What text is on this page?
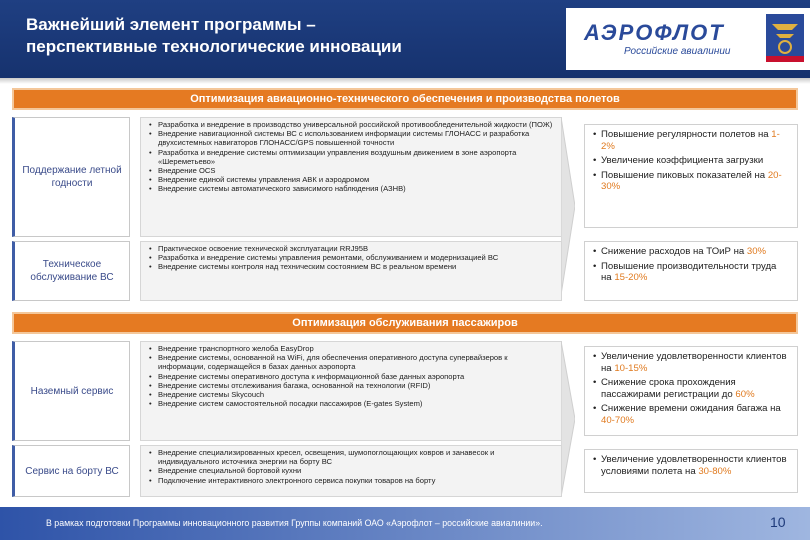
Важнейший элемент программы –
перспективные технологические инновации
АЭРОФЛОТ
Российские авиалинии
Оптимизация авиационно-технического обеспечения и производства полетов
Поддержание летной годности
• Разработка и внедрение в производство универсальной российской противообледенительной жидкости (ПОЖ)
• Внедрение навигационной системы ВС с использованием информации системы ГЛОНАСС и разработка двухсистемных навигаторов ГЛОНАСС/GPS повышенной точности
• Разработка и внедрение системы оптимизации управления воздушным движением в зоне аэропорта «Шереметьево»
• Внедрение OCS
• Внедрение единой системы управления АВК и аэродромом
• Внедрение системы автоматического зависимого наблюдения (АЗНВ)
• Повышение регулярности полетов на 1-2%
• Увеличение коэффициента загрузки
• Повышение пиковых показателей на 20-30%
Техническое обслуживание ВС
• Практическое освоение технической эксплуатации RRJ95B
• Разработка и внедрение системы управления ремонтами, обслуживанием и модернизацией ВС
• Внедрение системы контроля над техническим состоянием ВС в реальном времени
• Снижение расходов на ТОиР на 30%
• Повышение производительности труда на 15-20%
Оптимизация обслуживания пассажиров
Наземный сервис
• Внедрение транспортного желоба EasyDrop
• Внедрение системы, основанной на WiFi, для обеспечения оперативного доступа супервайзеров к информации, содержащейся в базах данных аэропорта
• Внедрение системы оперативного доступа к информационной базе данных аэропорта
• Внедрение системы отслеживания багажа, основанной на технологии (RFID)
• Внедрение системы Skycouch
• Внедрение систем самостоятельной посадки пассажиров (E-gates System)
• Увеличение удовлетворенности клиентов на 10-15%
• Снижение срока прохождения пассажирами регистрации до 60%
• Снижение времени ожидания багажа на 40-70%
Сервис на борту ВС
• Внедрение специализированных кресел, освещения, шумопоглощающих ковров и занавесок и индивидуального источника энергии на борту ВС
• Внедрение специальной бортовой кухни
• Подключение интерактивного электронного сервиса покупки товаров на борту
• Увеличение удовлетворенности клиентов условиями полета на 30-80%
В рамках подготовки Программы инновационного развития Группы компаний ОАО «Аэрофлот – российские авиалинии».	10
